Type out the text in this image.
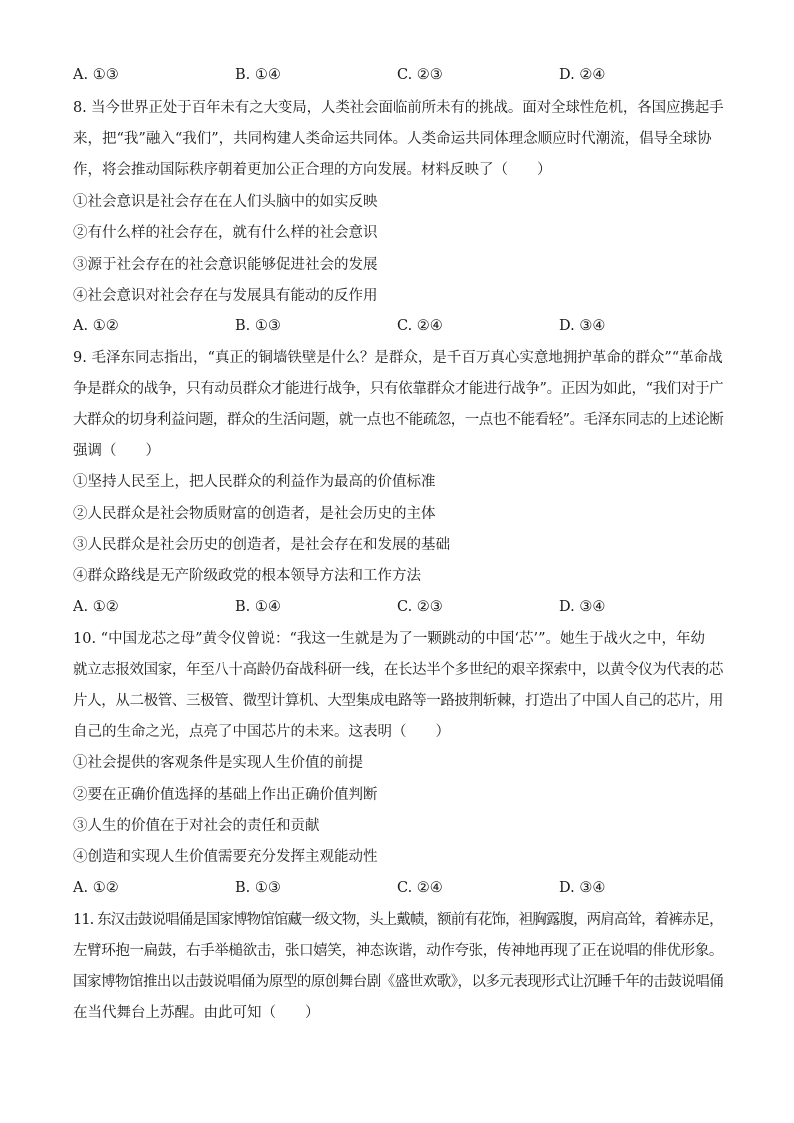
A. ①③	B. ①④	C. ②③	D. ②④
8. 当今世界正处于百年未有之大变局，人类社会面临前所未有的挑战。面对全球性危机，各国应携起手
来，把“我”融入“我们”，共同构建人类命运共同体。人类命运共同体理念顺应时代潮流，倡导全球协
作，将会推动国际秩序朝着更加公正合理的方向发展。材料反映了（　　）
①社会意识是社会存在在人们头脑中的如实反映
②有什么样的社会存在，就有什么样的社会意识
③源于社会存在的社会意识能够促进社会的发展
④社会意识对社会存在与发展具有能动的反作用
A. ①②	B. ①③	C. ②④	D. ③④
9. 毛泽东同志指出，“真正的铜墙铁壁是什么？是群众，是千百万真心实意地拥护革命的群众”“革命战
争是群众的战争，只有动员群众才能进行战争，只有依靠群众才能进行战争”。正因为如此，“我们对于广
大群众的切身利益问题，群众的生活问题，就一点也不能疏忽，一点也不能看轻”。毛泽东同志的上述论断
强调（　　）
①坚持人民至上，把人民群众的利益作为最高的价值标准
②人民群众是社会物质财富的创造者，是社会历史的主体
③人民群众是社会历史的创造者，是社会存在和发展的基础
④群众路线是无产阶级政党的根本领导方法和工作方法
A. ①②	B. ①④	C. ②③	D. ③④
10. “中国龙芯之母”黄令仪曾说：“我这一生就是为了一颗跳动的中国‘芯’”。她生于战火之中，年幼
就立志报效国家，年至八十高龄仍奋战科研一线，在长达半个多世纪的艰辛探索中，以黄令仪为代表的芯
片人，从二极管、三极管、微型计算机、大型集成电路等一路披荆斩棘，打造出了中国人自己的芯片，用
自己的生命之光，点亮了中国芯片的未来。这表明（　　）
①社会提供的客观条件是实现人生价值的前提
②要在正确价值选择的基础上作出正确价值判断
③人生的价值在于对社会的责任和贡献
④创造和实现人生价值需要充分发挥主观能动性
A. ①②	B. ①③	C. ②④	D. ③④
11. 东汉击鼓说唱俑是国家博物馆馆藏一级文物，头上戴帻，额前有花饰，袒胸露腹，两肩高耸，着裤赤足，
左臂环抱一扁鼓，右手举槌欲击，张口嬉笑，神态诙谐，动作夸张，传神地再现了正在说唱的俳优形象。
国家博物馆推出以击鼓说唱俑为原型的原创舞台剧《盛世欢歌》，以多元表现形式让沉睡千年的击鼓说唱俑
在当代舞台上苏醒。由此可知（　　）
